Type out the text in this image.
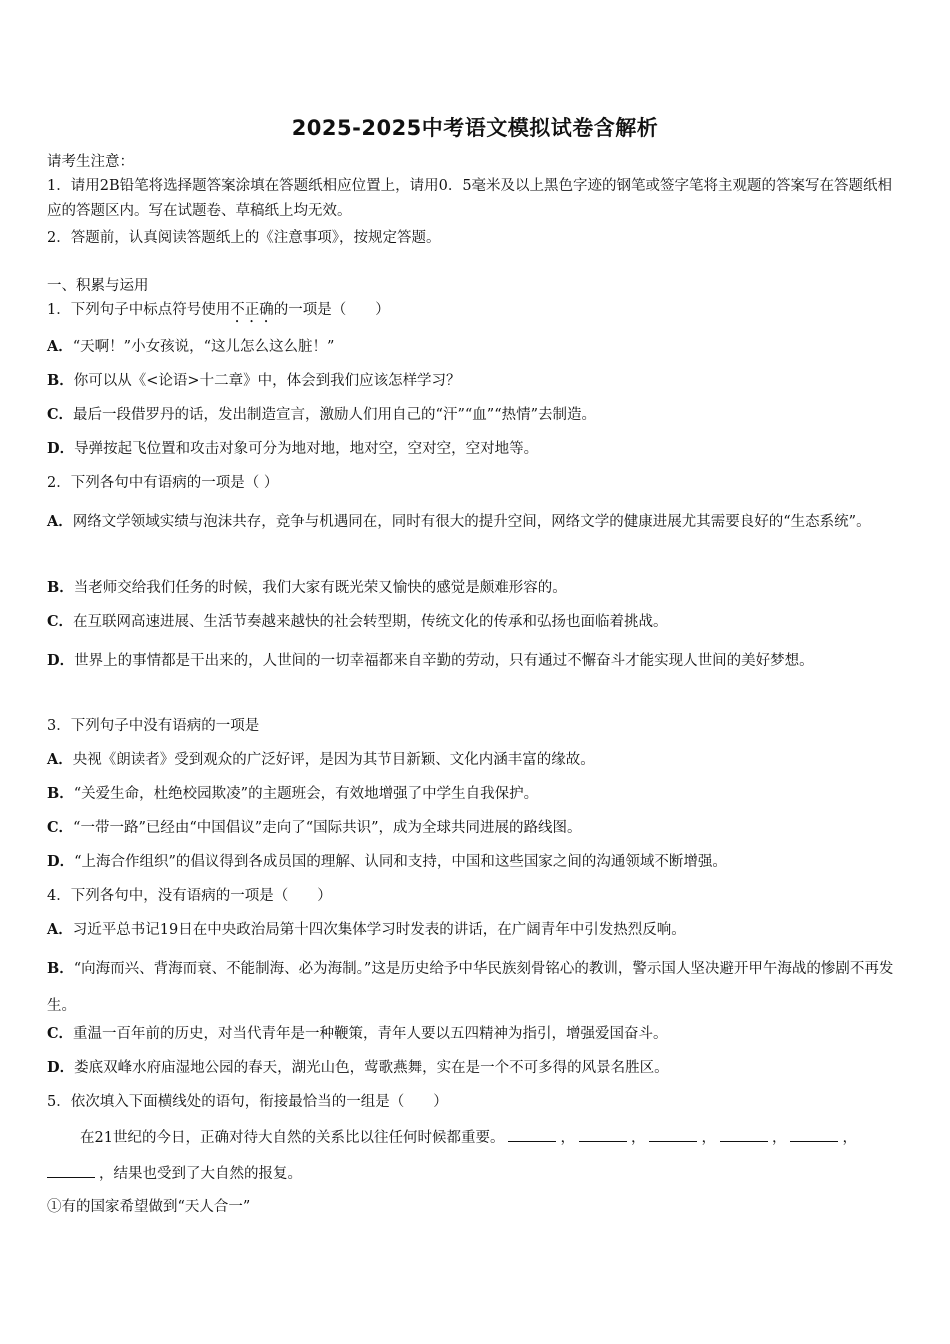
2025-2025中考语文模拟试卷含解析
请考生注意：
1．请用2B铅笔将选择题答案涂填在答题纸相应位置上，请用0．5毫米及以上黑色字迹的钢笔或签字笔将主观题的答案写在答题纸相应的答题区内。写在试题卷、草稿纸上均无效。
2．答题前，认真阅读答题纸上的《注意事项》，按规定答题。
一、积累与运用
1．下列句子中标点符号使用不正确的一项是（　　）
A．“天啊！”小女孩说，“这儿怎么这么脏！”
B．你可以从《<论语>十二章》中，体会到我们应该怎样学习？
C．最后一段借罗丹的话，发出制造宣言，激励人们用自己的“汗”“血”“热情”去制造。
D．导弹按起飞位置和攻击对象可分为地对地，地对空，空对空，空对地等。
2．下列各句中有语病的一项是（ ）
A．网络文学领域实绩与泡沫共存，竞争与机遇同在，同时有很大的提升空间，网络文学的健康进展尤其需要良好的“生态系统”。
B．当老师交给我们任务的时候，我们大家有既光荣又愉快的感觉是颇难形容的。
C．在互联网高速进展、生活节奏越来越快的社会转型期，传统文化的传承和弘扬也面临着挑战。
D．世界上的事情都是干出来的，人世间的一切幸福都来自辛勤的劳动，只有通过不懈奋斗才能实现人世间的美好梦想。
3．下列句子中没有语病的一项是
A．央视《朗读者》受到观众的广泛好评，是因为其节目新颖、文化内涵丰富的缘故。
B．“关爱生命，杜绝校园欺凌”的主题班会，有效地增强了中学生自我保护。
C．“一带一路”已经由“中国倡议”走向了“国际共识”，成为全球共同进展的路线图。
D．“上海合作组织”的倡议得到各成员国的理解、认同和支持，中国和这些国家之间的沟通领域不断增强。
4．下列各句中，没有语病的一项是（　　）
A．习近平总书记19日在中央政治局第十四次集体学习时发表的讲话，在广阔青年中引发热烈反响。
B．“向海而兴、背海而衰、不能制海、必为海制。”这是历史给予中华民族刻骨铭心的教训，警示国人坚决避开甲午海战的惨剧不再发生。
C．重温一百年前的历史，对当代青年是一种鞭策，青年人要以五四精神为指引，增强爱国奋斗。
D．娄底双峰水府庙湿地公园的春天，湖光山色，莺歌燕舞，实在是一个不可多得的风景名胜区。
5．依次填入下面横线处的语句，衔接最恰当的一组是（　　）
在21世纪的今日，正确对待大自然的关系比以往任何时候都重要。	，	，	，	，	，
，结果也受到了大自然的报复。
①有的国家希望做到“天人合一”
